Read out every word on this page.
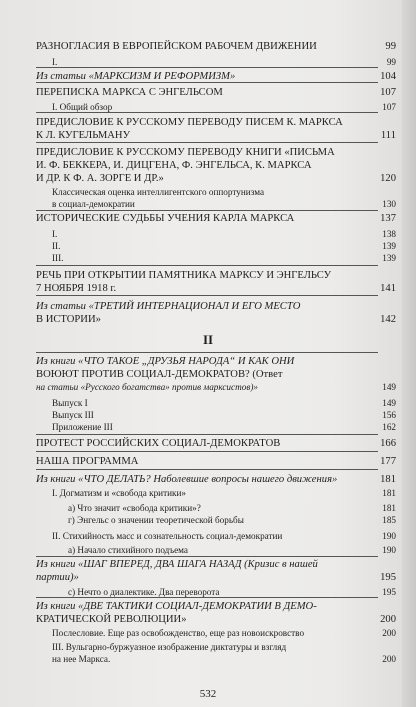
РАЗНОГЛАСИЯ В ЕВРОПЕЙСКОМ РАБОЧЕМ ДВИЖЕНИИ	99
I.	99
Из статьи «МАРКСИЗМ И РЕФОРМИЗМ»	104
ПЕРЕПИСКА МАРКСА С ЭНГЕЛЬСОМ	107
I. Общий обзор	107
ПРЕДИСЛОВИЕ К РУССКОМУ ПЕРЕВОДУ ПИСЕМ К. МАРКСА
К Л. КУГЕЛЬМАНУ	111
ПРЕДИСЛОВИЕ К РУССКОМУ ПЕРЕВОДУ КНИГИ «ПИСЬМА
И. Ф. БЕККЕРА, И. ДИЦГЕНА, Ф. ЭНГЕЛЬСА, К. МАРКСА
И ДР. К Ф. А. ЗОРГЕ И ДР.»	120
Классическая оценка интеллигентского оппортунизма
в социал-демократии	130
ИСТОРИЧЕСКИЕ СУДЬБЫ УЧЕНИЯ КАРЛА МАРКСА	137
I.	138
II.	139
III.	139
РЕЧЬ ПРИ ОТКРЫТИИ ПАМЯТНИКА МАРКСУ И ЭНГЕЛЬСУ
7 НОЯБРЯ 1918 г.	141
Из статьи «ТРЕТИЙ ИНТЕРНАЦИОНАЛ И ЕГО МЕСТО
В ИСТОРИИ»	142
II
Из книги «ЧТО ТАКОЕ „ДРУЗЬЯ НАРОДА“ И КАК ОНИ
ВОЮЮТ ПРОТИВ СОЦИАЛ-ДЕМОКРАТОВ? (Ответ
на статьи «Русского богатства» против марксистов)»	149
Выпуск I	149
Выпуск III	156
Приложение III	162
ПРОТЕСТ РОССИЙСКИХ СОЦИАЛ-ДЕМОКРАТОВ	166
НАША ПРОГРАММА	177
Из книги «ЧТО ДЕЛАТЬ? Наболевшие вопросы нашего движения»	181
I. Догматизм и «свобода критики»	181
а) Что значит «свобода критики»?	181
г) Энгельс о значении теоретической борьбы	185
II. Стихийность масс и сознательность социал-демократии	190
а) Начало стихийного подъема	190
Из книги «ШАГ ВПЕРЕД, ДВА ШАГА НАЗАД (Кризис в нашей
партии)»	195
с) Нечто о диалектике. Два переворота	195
Из книги «ДВЕ ТАКТИКИ СОЦИАЛ-ДЕМОКРАТИИ В ДЕМО-
КРАТИЧЕСКОЙ РЕВОЛЮЦИИ»	200
Послесловие. Еще раз освобожденство, еще раз новоискровство	200
III. Вульгарно-буржуазное изображение диктатуры и взгляд
на нее Маркса.	200
532
